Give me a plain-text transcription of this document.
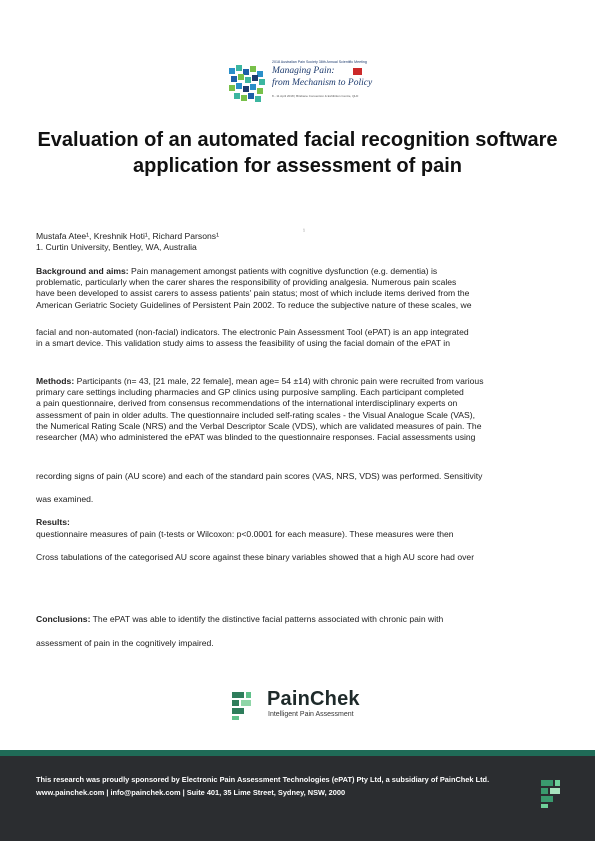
2018 Australian Pain Society 38th Annual Scientific Meeting
Managing Pain:
from Mechanism to Policy
8 - 11 April 2018 | Brisbane Convention & Exhibition Centre, QLD
Evaluation of an automated facial recognition software application for assessment of pain
Mustafa Atee¹, Kreshnik Hoti¹, Richard Parsons¹	¹
1. Curtin University, Bentley, WA, Australia
Background and aims: Pain management amongst patients with cognitive dysfunction (e.g. dementia) is
problematic, particularly when the carer shares the responsibility of providing analgesia. Numerous pain scales
have been developed to assist carers to assess patients' pain status; most of which include items derived from the
American Geriatric Society Guidelines of Persistent Pain 2002. To reduce the subjective nature of these scales, we
facial and non-automated (non-facial) indicators. The electronic Pain Assessment Tool (ePAT) is an app integrated
in a smart device. This validation study aims to assess the feasibility of using the facial domain of the ePAT in
Methods: Participants (n= 43, [21 male, 22 female], mean age= 54 ±14) with chronic pain were recruited from various
primary care settings including pharmacies and GP clinics using purposive sampling. Each participant completed
a pain questionnaire, derived from consensus recommendations of the international interdisciplinary experts on
assessment of pain in older adults. The questionnaire included self-rating scales - the Visual Analogue Scale (VAS),
the Numerical Rating Scale (NRS) and the Verbal Descriptor Scale (VDS), which are validated measures of pain. The
researcher (MA) who administered the ePAT was blinded to the questionnaire responses. Facial assessments using
recording signs of pain (AU score) and each of the standard pain scores (VAS, NRS, VDS) was performed. Sensitivity
was examined.
Results:
questionnaire measures of pain (t-tests or Wilcoxon: p<0.0001 for each measure). These measures were then
Cross tabulations of the categorised AU score against these binary variables showed that a high AU score had over
Conclusions: The ePAT was able to identify the distinctive facial patterns associated with chronic pain with
assessment of pain in the cognitively impaired.
PainChek
Intelligent Pain Assessment
This research was proudly sponsored by Electronic Pain Assessment Technologies (ePAT) Pty Ltd, a subsidiary of PainChek Ltd.
www.painchek.com | info@painchek.com | Suite 401, 35 Lime Street, Sydney, NSW, 2000
